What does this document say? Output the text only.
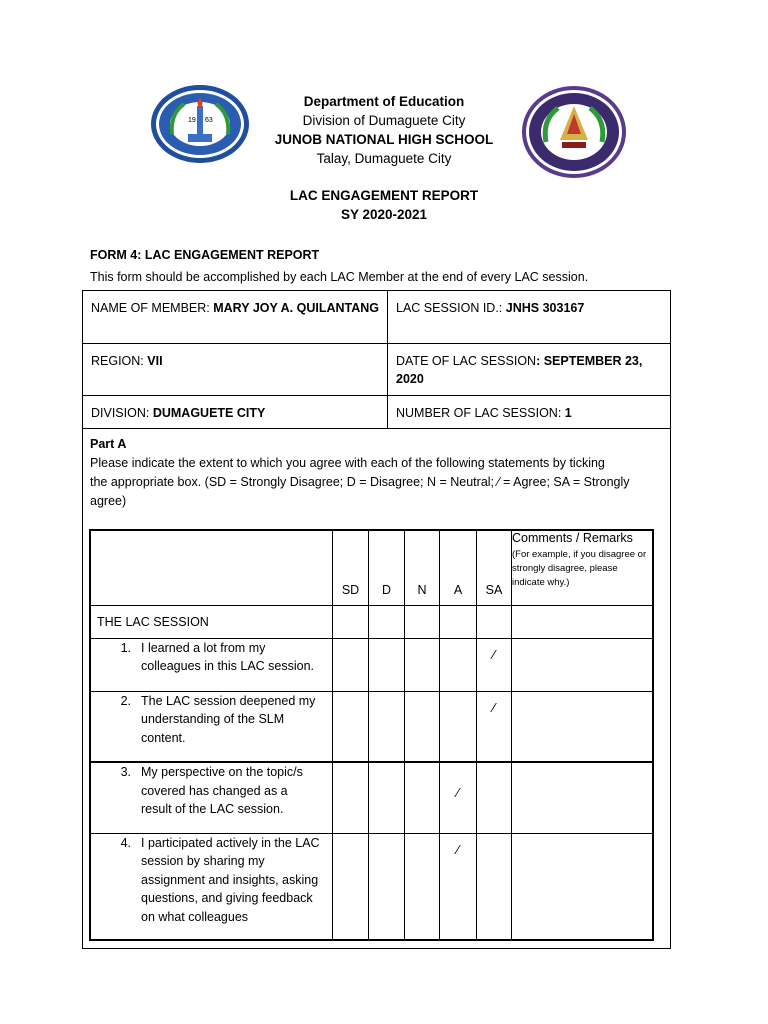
19 63
Department of Education
Division of Dumaguete City
JUNOB NATIONAL HIGH SCHOOL
Talay, Dumaguete City
LAC ENGAGEMENT REPORT
SY 2020-2021
FORM 4: LAC ENGAGEMENT REPORT
This form should be accomplished by each LAC Member at the end of every LAC session.
NAME OF MEMBER: MARY JOY A. QUILANTANG	LAC SESSION ID.: JNHS 303167
REGION: VII	DATE OF LAC SESSION: SEPTEMBER 23, 2020
DIVISION: DUMAGUETE CITY	NUMBER OF LAC SESSION: 1
Part A
Please indicate the extent to which you agree with each of the following statements by ticking
the appropriate box. (SD = Strongly Disagree; D = Disagree; N = Neutral; ⁄ = Agree; SA = Strongly agree)
	SD	D	N	A	SA	Comments / Remarks
(For example, if you disagree or strongly disagree, please indicate why.)

THE LAC SESSION						
1. I learned a lot from my colleagues in this LAC session.					⁄	
2. The LAC session deepened my understanding of the SLM content.					⁄	
3. My perspective on the topic/s covered has changed as a result of the LAC session.				⁄		
4. I participated actively in the LAC session by sharing my assignment and insights, asking questions, and giving feedback on what colleagues				⁄		
